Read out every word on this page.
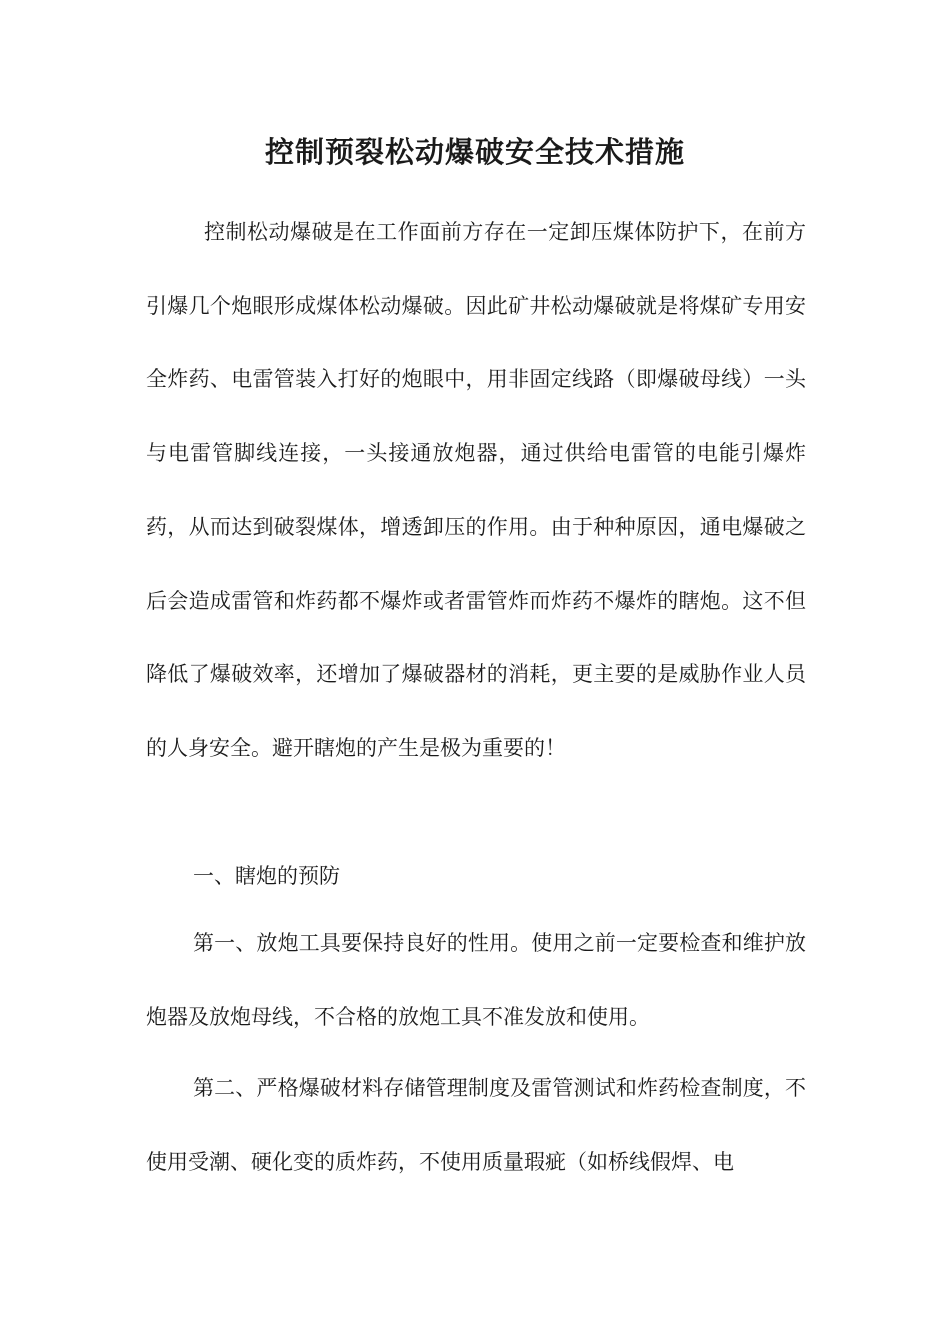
控制预裂松动爆破安全技术措施

控制松动爆破是在工作面前方存在一定卸压煤体防护下，在前方引爆几个炮眼形成煤体松动爆破。因此矿井松动爆破就是将煤矿专用安全炸药、电雷管装入打好的炮眼中，用非固定线路（即爆破母线）一头与电雷管脚线连接，一头接通放炮器，通过供给电雷管的电能引爆炸药，从而达到破裂煤体，增透卸压的作用。由于种种原因，通电爆破之后会造成雷管和炸药都不爆炸或者雷管炸而炸药不爆炸的瞎炮。这不但降低了爆破效率，还增加了爆破器材的消耗，更主要的是威胁作业人员的人身安全。避开瞎炮的产生是极为重要的！

一、瞎炮的预防

第一、放炮工具要保持良好的性用。使用之前一定要检查和维护放炮器及放炮母线，不合格的放炮工具不准发放和使用。

第二、严格爆破材料存储管理制度及雷管测试和炸药检查制度，不使用受潮、硬化变的质炸药，不使用质量瑕疵（如桥线假焊、电
